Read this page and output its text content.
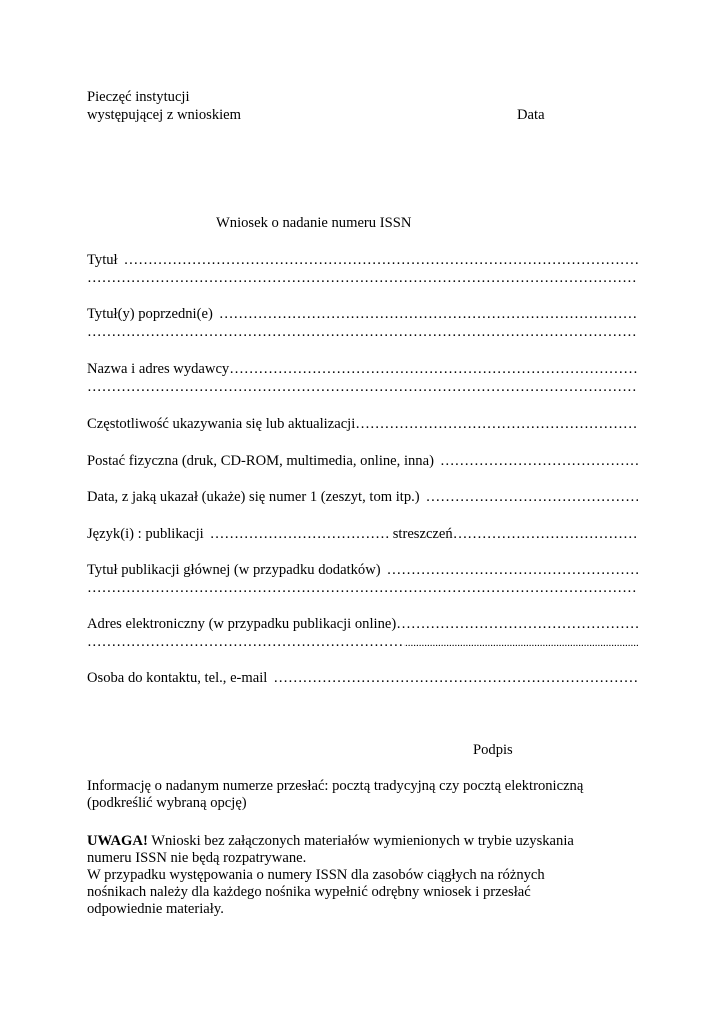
Pieczęć instytucji
występującej z wnioskiem	Data
Wniosek o nadanie numeru ISSN
Tytuł
…………………………………………………………………………………………………………………………………………………………………………
…………………………………………………………………………………………………………………………………………………………………………
Tytuł(y) poprzedni(e)
…………………………………………………………………………………………………………………………………………………………………………
…………………………………………………………………………………………………………………………………………………………………………
Nazwa i adres wydawcy
…………………………………………………………………………………………………………………………………………………………………………
…………………………………………………………………………………………………………………………………………………………………………
Częstotliwość ukazywania się lub aktualizacji
…………………………………………………………………………………………………………………………………………………………………………
Postać fizyczna (druk, CD-ROM, multimedia, online, inna)
…………………………………………………………………………………………………………………………………………………………………………
Data, z jaką ukazał (ukaże) się numer 1 (zeszyt, tom itp.)
…………………………………………………………………………………………………………………………………………………………………………
Język(i) : publikacji
…………………………………………………………………………………………………………………………………………………………………………	streszczeń
…………………………………………………………………………………………………………………………………………………………………………
Tytuł publikacji głównej (w przypadku dodatków)
…………………………………………………………………………………………………………………………………………………………………………
…………………………………………………………………………………………………………………………………………………………………………
Adres elektroniczny (w przypadku publikacji online)
…………………………………………………………………………………………………………………………………………………………………………
…………………………………………………………………………………………………………………………………………………………………………
.....
Osoba do kontaktu, tel., e-mail
…………………………………………………………………………………………………………………………………………………………………………
Podpis
Informację o nadanym numerze przesłać: pocztą tradycyjną czy pocztą elektroniczną
(podkreślić wybraną opcję)
UWAGA! Wnioski bez załączonych materiałów wymienionych w trybie uzyskania
numeru ISSN nie będą rozpatrywane.
W przypadku występowania o numery ISSN dla zasobów ciągłych na różnych
nośnikach należy dla każdego nośnika wypełnić odrębny wniosek i przesłać
odpowiednie materiały.
